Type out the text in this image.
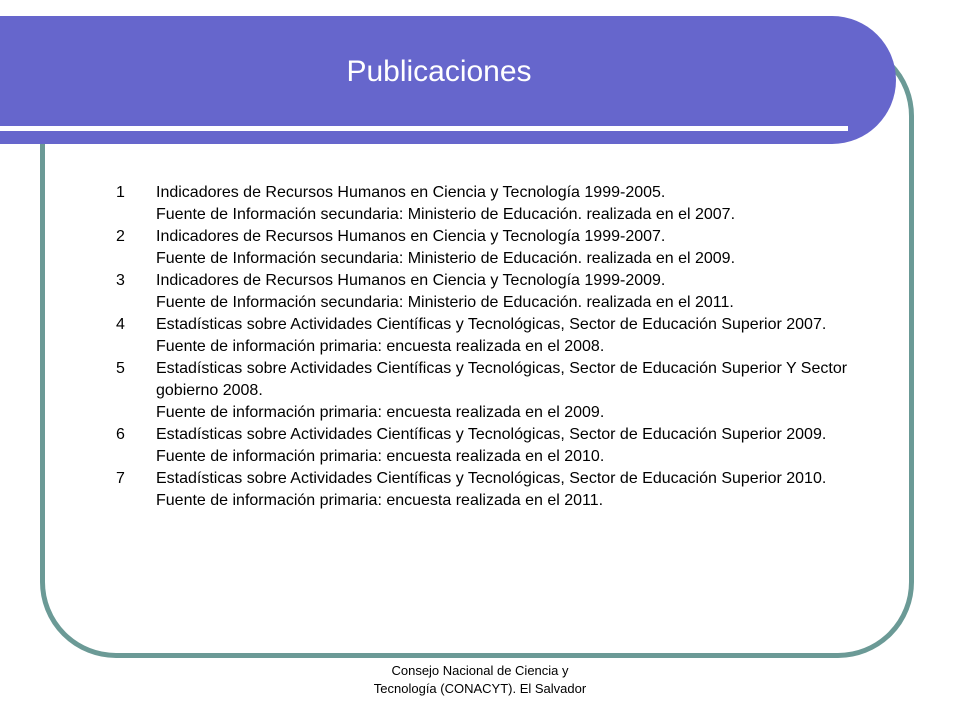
Publicaciones
1	Indicadores de Recursos Humanos en Ciencia y Tecnología 1999-2005.
Fuente de Información secundaria: Ministerio de Educación. realizada en el 2007.
2	Indicadores de Recursos Humanos en Ciencia y Tecnología 1999-2007.
Fuente de Información secundaria: Ministerio de Educación. realizada en el 2009.
3	Indicadores de Recursos Humanos en Ciencia y Tecnología 1999-2009.
Fuente de Información secundaria: Ministerio de Educación. realizada en el 2011.
4	Estadísticas sobre Actividades Científicas y Tecnológicas, Sector de Educación Superior 2007.
Fuente de información primaria: encuesta realizada en el 2008.
5	Estadísticas sobre Actividades Científicas y Tecnológicas, Sector de Educación Superior Y Sector gobierno 2008.
Fuente de información primaria: encuesta realizada en el 2009.
6	Estadísticas sobre Actividades Científicas y Tecnológicas, Sector de Educación Superior 2009.
Fuente de información primaria: encuesta realizada en el 2010.
7	Estadísticas sobre Actividades Científicas y Tecnológicas, Sector de Educación Superior 2010.
Fuente de información primaria: encuesta realizada en el 2011.
Consejo Nacional de Ciencia y
Tecnología (CONACYT). El Salvador
